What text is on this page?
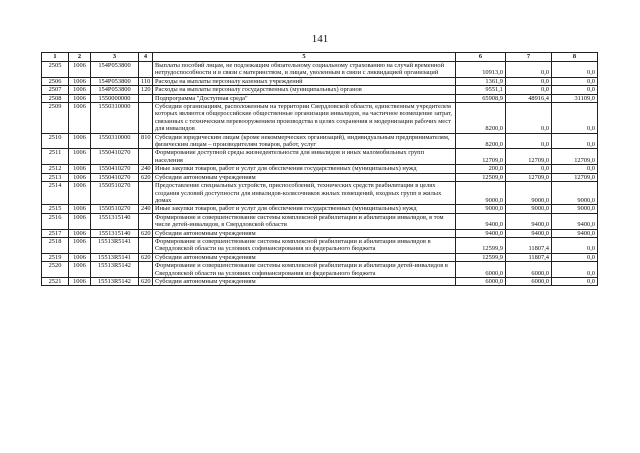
141
1	2	3	4	5	6	7	8
2505	1006	154Р053800		Выплаты пособий лицам, не подлежащим обязательному социальному страхованию на случай временной нетрудоспособности и в связи с материнством, и лицам, уволенным в связи с ликвидацией организаций	10913,0	0,0	0,0
2506	1006	154Р053800	110	Расходы на выплаты персоналу казенных учреждений	1361,9	0,0	0,0
2507	1006	154Р053800	120	Расходы на выплаты персоналу государственных (муниципальных) органов	9551,1	0,0	0,0
2508	1006	1550000000		Подпрограмма "Доступная среда"	65908,9	48916,4	31109,0
2509	1006	1550310000		Субсидии организациям, расположенным на территории Свердловской области, единственным учредителем которых являются общероссийские общественные организации инвалидов, на частичное возмещение затрат, связанных с техническим перевооружением производства в целях сохранения и модернизации рабочих мест для инвалидов	8200,0	0,0	0,0
2510	1006	1550310000	810	Субсидии юридическим лицам (кроме некоммерческих организаций), индивидуальным предпринимателям, физическим лицам – производителям товаров, работ, услуг	8200,0	0,0	0,0
2511	1006	1550410270		Формирование доступной среды жизнедеятельности для инвалидов и иных маломобильных групп населения	12709,0	12709,0	12709,0
2512	1006	1550410270	240	Иные закупки товаров, работ и услуг для обеспечения государственных (муниципальных) нужд	200,0	0,0	0,0
2513	1006	1550410270	620	Субсидии автономным учреждениям	12509,0	12709,0	12709,0
2514	1006	1550510270		Предоставление специальных устройств, приспособлений, технических средств реабилитации в целях создания условий доступности для инвалидов-колясочников жилых помещений, входных групп в жилых домах	9000,0	9000,0	9000,0
2515	1006	1550510270	240	Иные закупки товаров, работ и услуг для обеспечения государственных (муниципальных) нужд	9000,0	9000,0	9000,0
2516	1006	1551315140		Формирование и совершенствование системы комплексной реабилитации и абилитации инвалидов, в том числе детей-инвалидов, в Свердловской области	9400,0	9400,0	9400,0
2517	1006	1551315140	620	Субсидии автономным учреждениям	9400,0	9400,0	9400,0
2518	1006	15513R5141		Формирование и совершенствование системы комплексной реабилитации и абилитации инвалидов в Свердловской области на условиях софинансирования из федерального бюджета	12599,9	11807,4	0,0
2519	1006	15513R5141	620	Субсидии автономным учреждениям	12599,9	11807,4	0,0
2520	1006	15513R5142		Формирование и совершенствование системы комплексной реабилитации и абилитации детей-инвалидов в Свердловской области на условиях софинансирования из федерального бюджета	6000,0	6000,0	0,0
2521	1006	15513R5142	620	Субсидии автономным учреждениям	6000,0	6000,0	0,0
